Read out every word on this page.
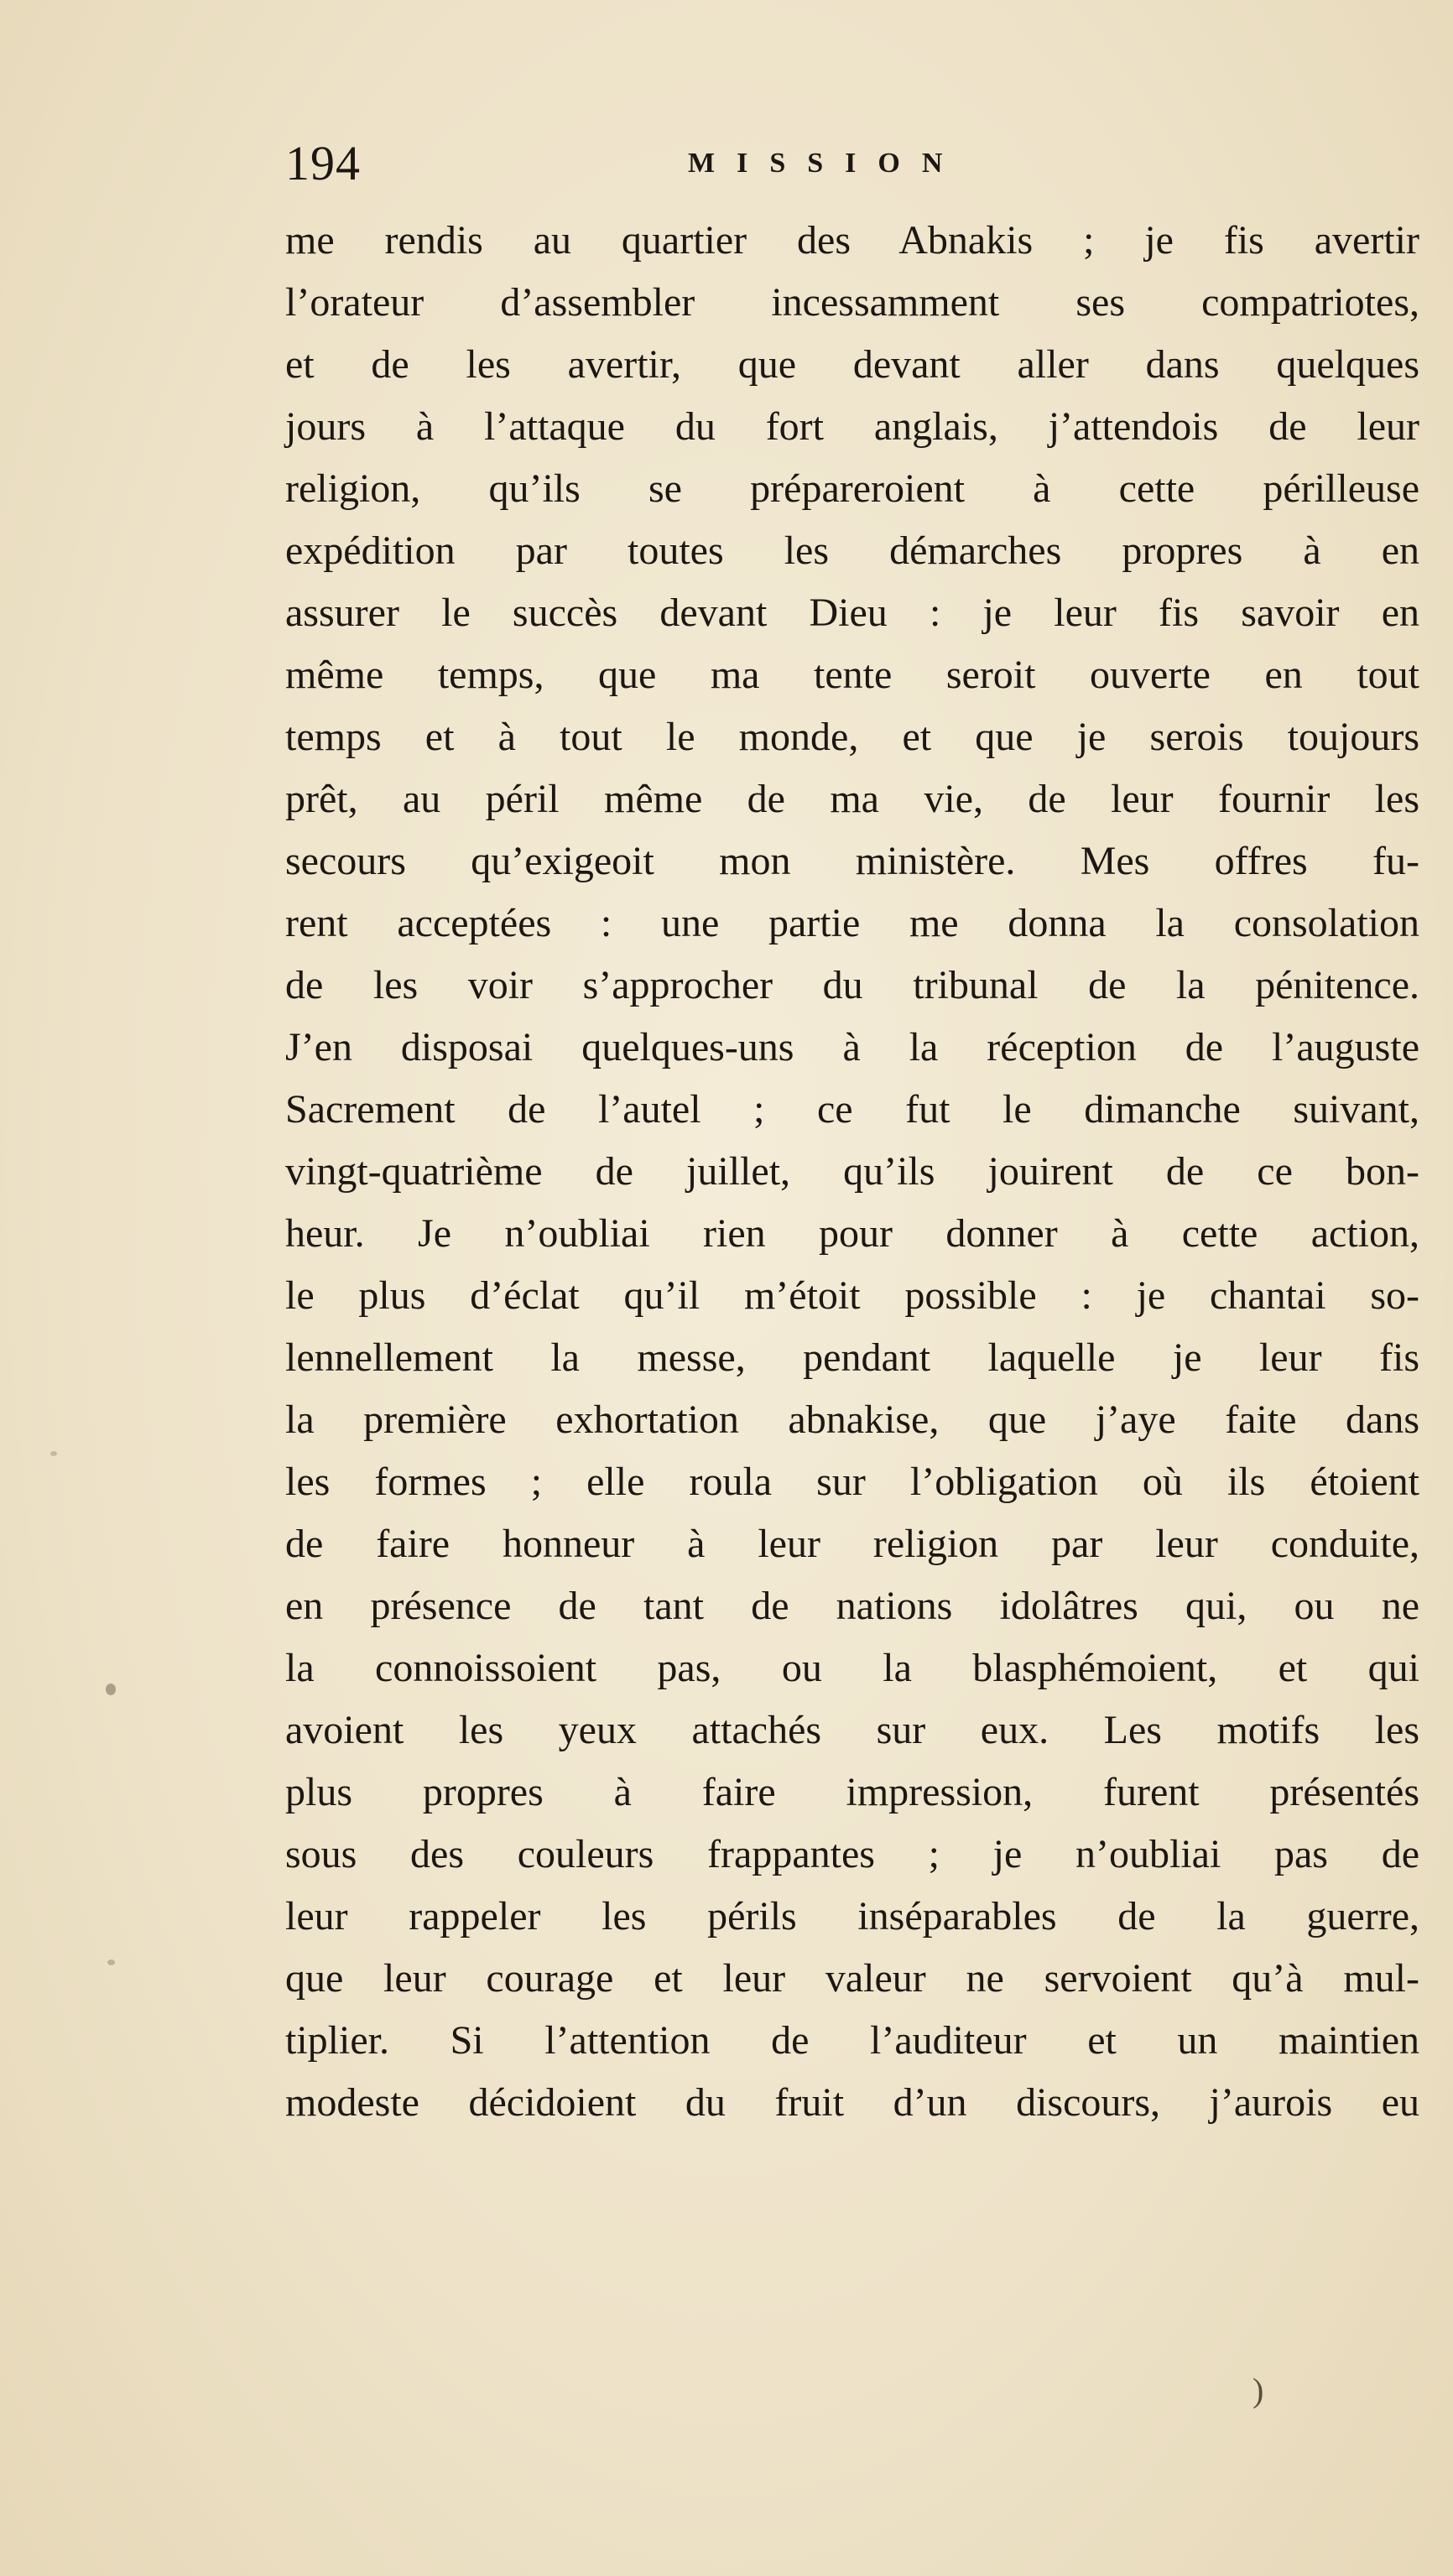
194	MISSION
me rendis au quartier des Abnakis ; je fis avertir
l’orateur d’assembler incessamment ses compatriotes,
et de les avertir, que devant aller dans quelques
jours à l’attaque du fort anglais, j’attendois de leur
religion, qu’ils se prépareroient à cette périlleuse
expédition par toutes les démarches propres à en
assurer le succès devant Dieu : je leur fis savoir en
même temps, que ma tente seroit ouverte en tout
temps et à tout le monde, et que je serois toujours
prêt, au péril même de ma vie, de leur fournir les
secours qu’exigeoit mon ministère. Mes offres fu-
rent acceptées : une partie me donna la consolation
de les voir s’approcher du tribunal de la pénitence.
J’en disposai quelques-uns à la réception de l’auguste
Sacrement de l’autel ; ce fut le dimanche suivant,
vingt-quatrième de juillet, qu’ils jouirent de ce bon-
heur. Je n’oubliai rien pour donner à cette action,
le plus d’éclat qu’il m’étoit possible : je chantai so-
lennellement la messe, pendant laquelle je leur fis
la première exhortation abnakise, que j’aye faite dans
les formes ; elle roula sur l’obligation où ils étoient
de faire honneur à leur religion par leur conduite,
en présence de tant de nations idolâtres qui, ou ne
la connoissoient pas, ou la blasphémoient, et qui
avoient les yeux attachés sur eux. Les motifs les
plus propres à faire impression, furent présentés
sous des couleurs frappantes ; je n’oubliai pas de
leur rappeler les périls inséparables de la guerre,
que leur courage et leur valeur ne servoient qu’à mul-
tiplier. Si l’attention de l’auditeur et un maintien
modeste décidoient du fruit d’un discours, j’aurois eu
)
